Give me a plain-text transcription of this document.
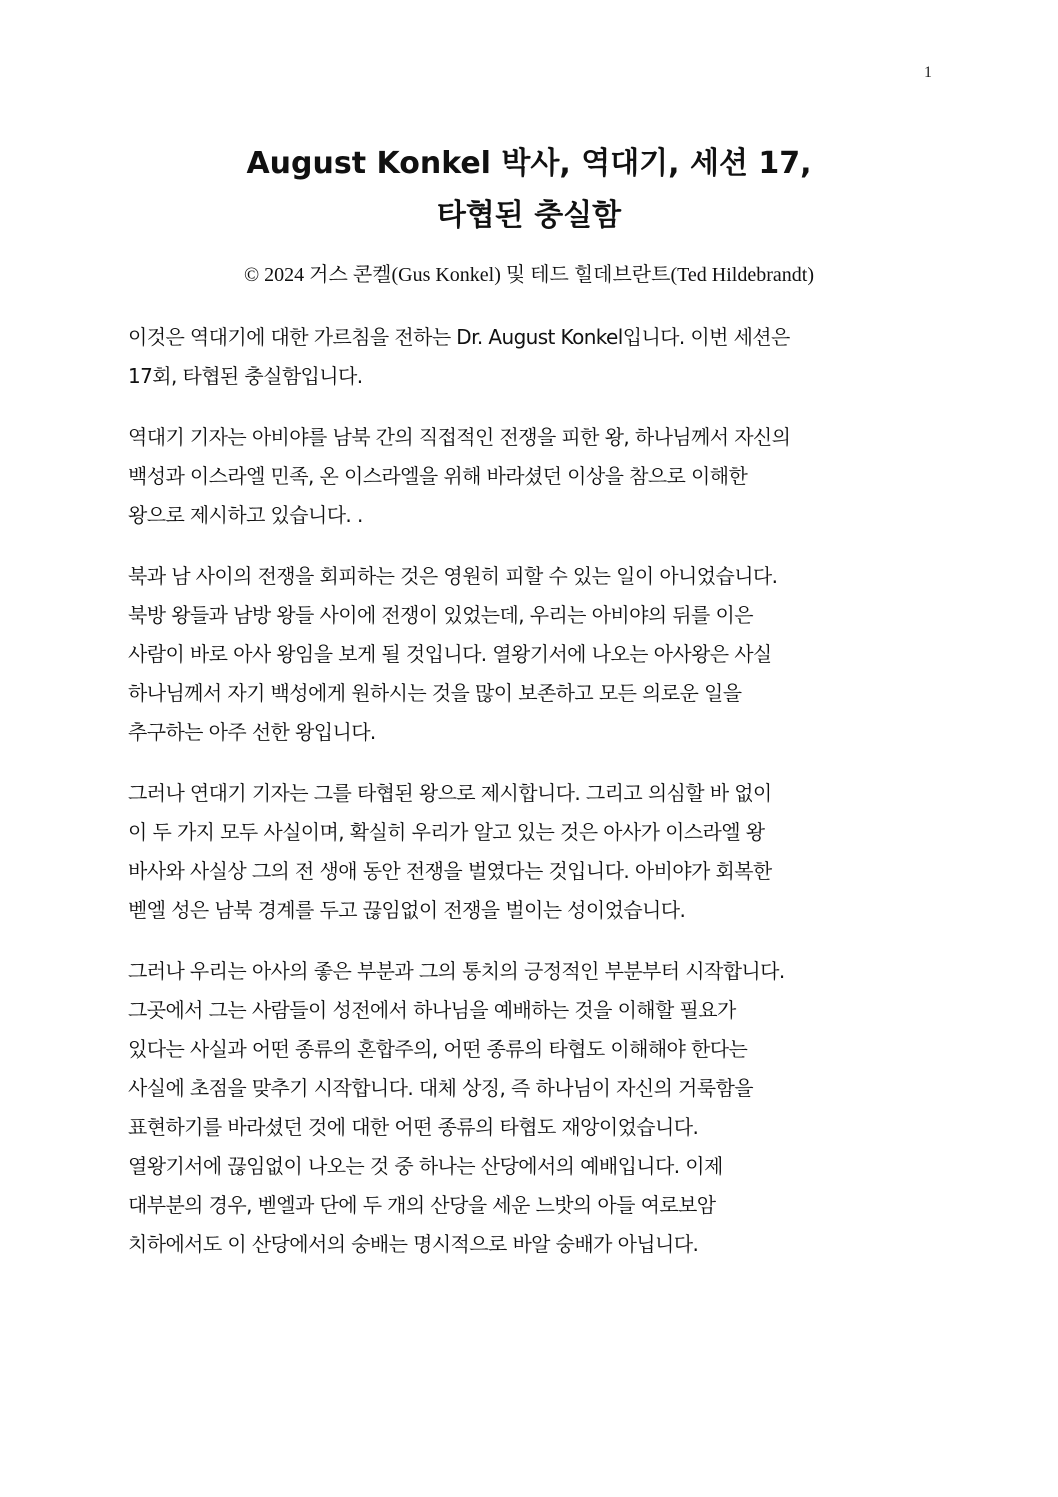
1

August Konkel 박사, 역대기, 세션 17,

타협된 충실함

© 2024 거스 콘켈(Gus Konkel) 및 테드 힐데브란트(Ted Hildebrandt)
이것은 역대기에 대한 가르침을 전하는 Dr. August Konkel입니다. 이번 세션은
17회, 타협된 충실함입니다.
역대기 기자는 아비야를 남북 간의 직접적인 전쟁을 피한 왕, 하나님께서 자신의
백성과 이스라엘 민족, 온 이스라엘을 위해 바라셨던 이상을 참으로 이해한
왕으로 제시하고 있습니다. .
북과 남 사이의 전쟁을 회피하는 것은 영원히 피할 수 있는 일이 아니었습니다.
북방 왕들과 남방 왕들 사이에 전쟁이 있었는데, 우리는 아비야의 뒤를 이은
사람이 바로 아사 왕임을 보게 될 것입니다. 열왕기서에 나오는 아사왕은 사실
하나님께서 자기 백성에게 원하시는 것을 많이 보존하고 모든 의로운 일을
추구하는 아주 선한 왕입니다.
그러나 연대기 기자는 그를 타협된 왕으로 제시합니다. 그리고 의심할 바 없이
이 두 가지 모두 사실이며, 확실히 우리가 알고 있는 것은 아사가 이스라엘 왕
바사와 사실상 그의 전 생애 동안 전쟁을 벌였다는 것입니다. 아비야가 회복한
벧엘 성은 남북 경계를 두고 끊임없이 전쟁을 벌이는 성이었습니다.
그러나 우리는 아사의 좋은 부분과 그의 통치의 긍정적인 부분부터 시작합니다.
그곳에서 그는 사람들이 성전에서 하나님을 예배하는 것을 이해할 필요가
있다는 사실과 어떤 종류의 혼합주의, 어떤 종류의 타협도 이해해야 한다는
사실에 초점을 맞추기 시작합니다. 대체 상징, 즉 하나님이 자신의 거룩함을
표현하기를 바라셨던 것에 대한 어떤 종류의 타협도 재앙이었습니다.
열왕기서에 끊임없이 나오는 것 중 하나는 산당에서의 예배입니다. 이제
대부분의 경우, 벧엘과 단에 두 개의 산당을 세운 느밧의 아들 여로보암
치하에서도 이 산당에서의 숭배는 명시적으로 바알 숭배가 아닙니다.
